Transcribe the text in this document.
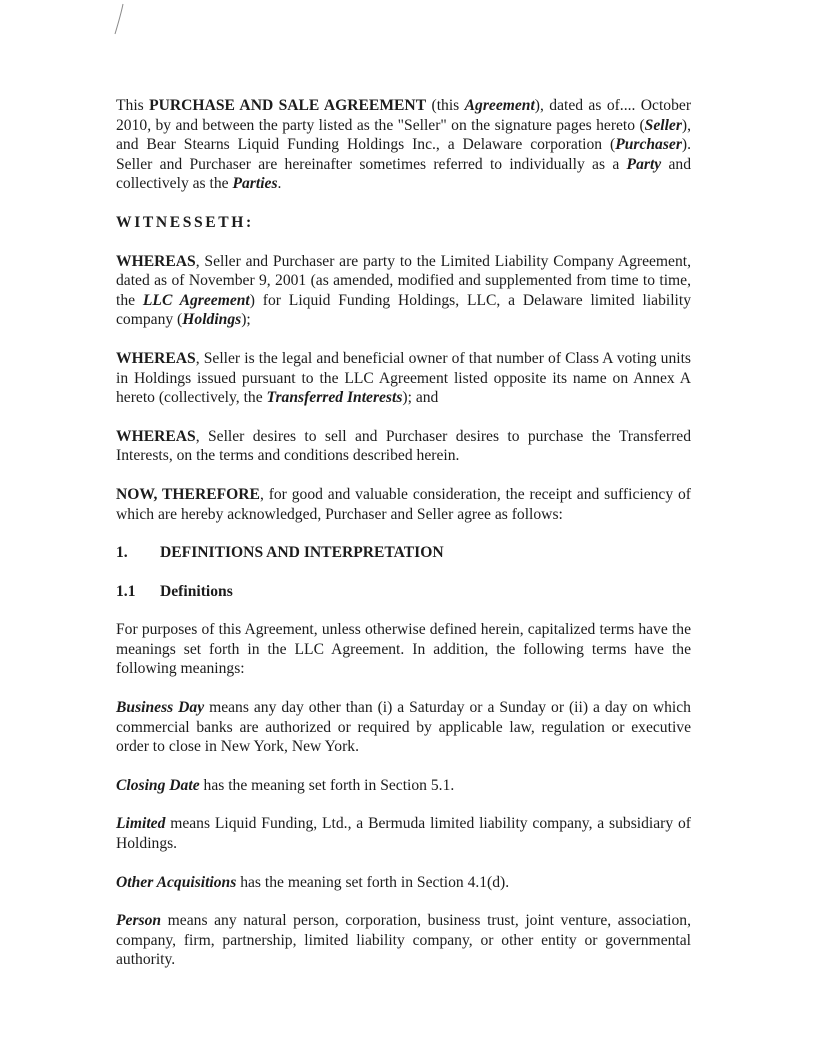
This PURCHASE AND SALE AGREEMENT (this Agreement), dated as of.... October 2010, by and between the party listed as the "Seller" on the signature pages hereto (Seller), and Bear Stearns Liquid Funding Holdings Inc., a Delaware corporation (Purchaser). Seller and Purchaser are hereinafter sometimes referred to individually as a Party and collectively as the Parties.

WITNESSETH:

WHEREAS, Seller and Purchaser are party to the Limited Liability Company Agreement, dated as of November 9, 2001 (as amended, modified and supplemented from time to time, the LLC Agreement) for Liquid Funding Holdings, LLC, a Delaware limited liability company (Holdings);

WHEREAS, Seller is the legal and beneficial owner of that number of Class A voting units in Holdings issued pursuant to the LLC Agreement listed opposite its name on Annex A hereto (collectively, the Transferred Interests); and

WHEREAS, Seller desires to sell and Purchaser desires to purchase the Transferred Interests, on the terms and conditions described herein.

NOW, THEREFORE, for good and valuable consideration, the receipt and sufficiency of which are hereby acknowledged, Purchaser and Seller agree as follows:

1.	DEFINITIONS AND INTERPRETATION
1.1	Definitions

For purposes of this Agreement, unless otherwise defined herein, capitalized terms have the meanings set forth in the LLC Agreement. In addition, the following terms have the following meanings:

Business Day means any day other than (i) a Saturday or a Sunday or (ii) a day on which commercial banks are authorized or required by applicable law, regulation or executive order to close in New York, New York.

Closing Date has the meaning set forth in Section 5.1.

Limited means Liquid Funding, Ltd., a Bermuda limited liability company, a subsidiary of Holdings.

Other Acquisitions has the meaning set forth in Section 4.1(d).

Person means any natural person, corporation, business trust, joint venture, association, company, firm, partnership, limited liability company, or other entity or governmental authority.
